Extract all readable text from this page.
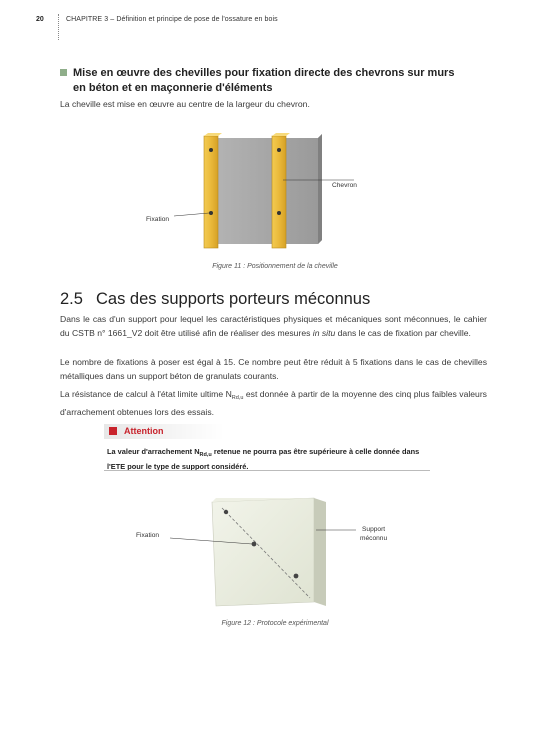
20	CHAPITRE 3 – Définition et principe de pose de l'ossature en bois
Mise en œuvre des chevilles pour fixation directe des chevrons sur murs en béton et en maçonnerie d'éléments
La cheville est mise en œuvre au centre de la largeur du chevron.
Chevron
Fixation
Figure 11 : Positionnement de la cheville
2.5 Cas des supports porteurs méconnus
Dans le cas d'un support pour lequel les caractéristiques physiques et mécaniques sont méconnues, le cahier du CSTB n° 1661_V2 doit être utilisé afin de réaliser des mesures in situ dans le cas de fixation par cheville.
Le nombre de fixations à poser est égal à 15. Ce nombre peut être réduit à 5 fixations dans le cas de chevilles métalliques dans un support béton de granulats courants.
La résistance de calcul à l'état limite ultime $N_{Rd,u}$ est donnée à partir de la moyenne des cinq plus faibles valeurs d'arrachement obtenues lors des essais.
Attention
La valeur d'arrachement $N_{Rd,u}$ retenue ne pourra pas être supérieure à celle donnée dans l'ETE pour le type de support considéré.
Fixation
Support
méconnu
Figure 12 : Protocole expérimental
